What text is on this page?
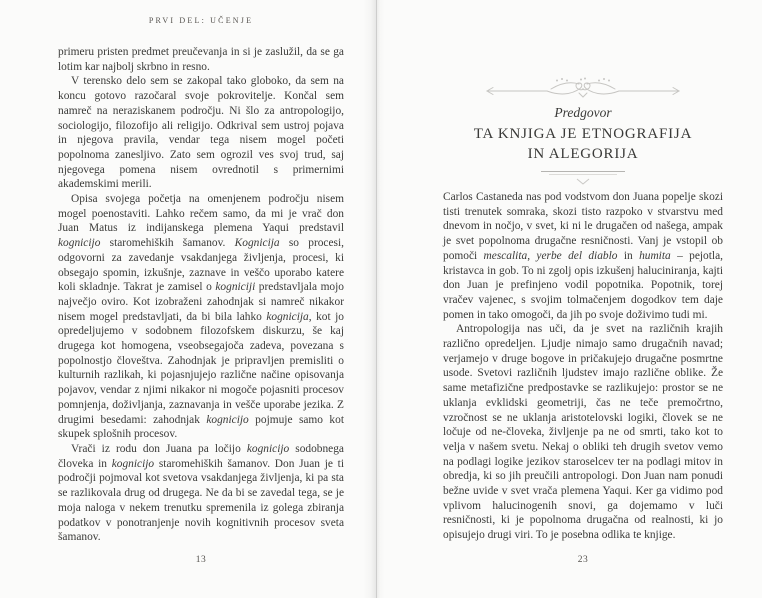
PRVI DEL: UČENJE

primeru pristen predmet preučevanja in si je zaslužil, da se ga lotim kar najbolj skrbno in resno.

V terensko delo sem se zakopal tako globoko, da sem na koncu gotovo razočaral svoje pokrovitelje. Končal sem namreč na neraziskanem področju. Ni šlo za antropologijo, sociologijo, filozofijo ali religijo. Odkrival sem ustroj pojava in njegova pravila, vendar tega nisem mogel početi popolnoma zanesljivo. Zato sem ogrozil ves svoj trud, saj njegovega pomena nisem ovrednotil s primernimi akademskimi merili.

Opisa svojega početja na omenjenem področju nisem mogel poenostaviti. Lahko rečem samo, da mi je vrač don Juan Matus iz indijanskega plemena Yaqui predstavil kognicijo staromehiških šamanov. Kognicija so procesi, odgovorni za zavedanje vsakdanjega življenja, procesi, ki obsegajo spomin, izkušnje, zaznave in veščo uporabo katere koli skladnje. Takrat je zamisel o kogniciji predstavljala mojo največjo oviro. Kot izobraženi zahodnjak si namreč nikakor nisem mogel predstavljati, da bi bila lahko kognicija, kot jo opredeljujemo v sodobnem filozofskem diskurzu, še kaj drugega kot homogena, vseobsegajoča zadeva, povezana s popolnostjo človeštva. Zahodnjak je pripravljen premisliti o kulturnih razlikah, ki pojasnjujejo različne načine opisovanja pojavov, vendar z njimi nikakor ni mogoče pojasniti procesov pomnjenja, doživljanja, zaznavanja in vešče uporabe jezika. Z drugimi besedami: zahodnjak kognicijo pojmuje samo kot skupek splošnih procesov.

Vrači iz rodu don Juana pa ločijo kognicijo sodobnega človeka in kognicijo staromehiških šamanov. Don Juan je ti področji pojmoval kot svetova vsakdanjega življenja, ki pa sta se razlikovala drug od drugega. Ne da bi se zavedal tega, se je moja naloga v nekem trenutku spremenila iz golega zbiranja podatkov v ponotranjenje novih kognitivnih procesov sveta šamanov.

13
Predgovor
TA KNJIGA JE ETNOGRAFIJA
IN ALEGORIJA

Carlos Castaneda nas pod vodstvom don Juana popelje skozi tisti trenutek somraka, skozi tisto razpoko v stvarstvu med dnevom in nočjo, v svet, ki ni le drugačen od našega, ampak je svet popolnoma drugačne resničnosti. Vanj je vstopil ob pomoči mescalita, yerbe del diablo in humita – pejotla, kristavca in gob. To ni zgolj opis izkušenj haluciniranja, kajti don Juan je prefinjeno vodil popotnika. Popotnik, torej vračev vajenec, s svojim tolmačenjem dogodkov tem daje pomen in tako omogoči, da jih po svoje doživimo tudi mi.

Antropologija nas uči, da je svet na različnih krajih različno opredeljen. Ljudje nimajo samo drugačnih navad; verjamejo v druge bogove in pričakujejo drugačne posmrtne usode. Svetovi različnih ljudstev imajo različne oblike. Že same metafizične predpostavke se razlikujejo: prostor se ne uklanja evklidski geometriji, čas ne teče premočrtno, vzročnost se ne uklanja aristotelovski logiki, človek se ne ločuje od ne-človeka, življenje pa ne od smrti, tako kot to velja v našem svetu. Nekaj o obliki teh drugih svetov vemo na podlagi logike jezikov staroselcev ter na podlagi mitov in obredja, ki so jih preučili antropologi. Don Juan nam ponudi bežne uvide v svet vrača plemena Yaqui. Ker ga vidimo pod vplivom halucinogenih snovi, ga dojemamo v luči resničnosti, ki je popolnoma drugačna od realnosti, ki jo opisujejo drugi viri. To je posebna odlika te knjige.

23
